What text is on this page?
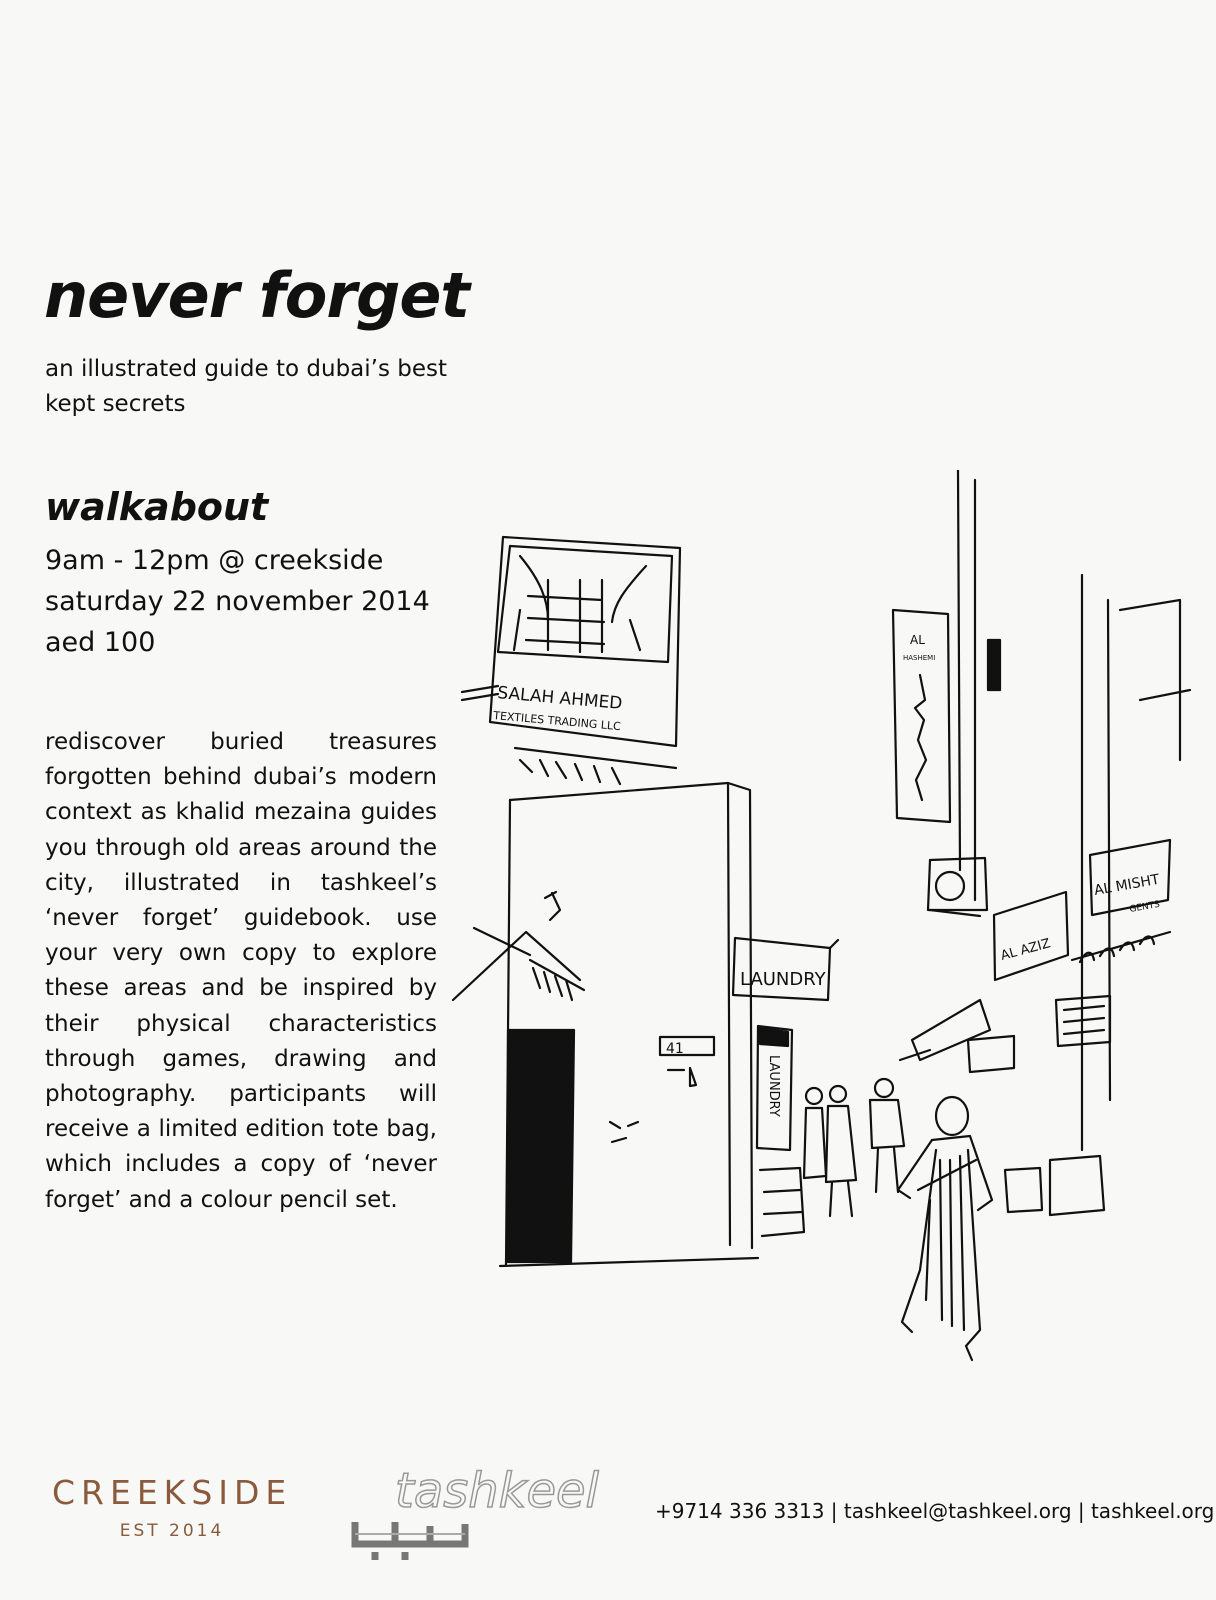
never forget
an illustrated guide to dubai’s best kept secrets
walkabout
9am - 12pm @ creekside
saturday 22 november 2014
aed 100

rediscover buried treasures forgotten behind dubai’s modern context as khalid mezaina guides you through old areas around the city, illustrated in tashkeel’s ‘never forget’ guidebook. use your very own copy to explore these areas and be inspired by their physical characteristics through games, drawing and photography. participants will receive a limited edition tote bag, which includes a copy of ‘never forget’ and a colour pencil set.

SALAH AHMED
TEXTILES TRADING LLC
41
LAUNDRY
LAUNDRY
AL
HASHEMI
AL MISHT
GENTS
AL AZIZ
CREEKSIDE
EST 2014
tashkeel	+9714 336 3313 | tashkeel@tashkeel.org | tashkeel.org
